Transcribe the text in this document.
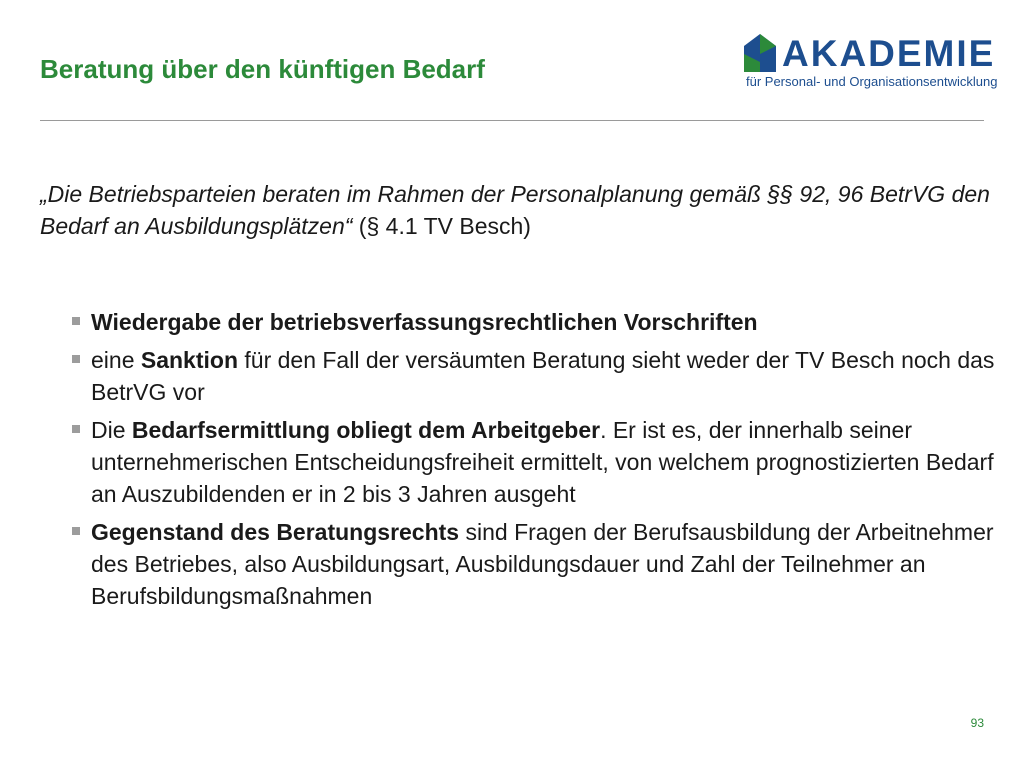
Beratung über den künftigen Bedarf	AKADEMIE
für Personal- und Organisationsentwicklung
„Die Betriebsparteien beraten im Rahmen der Personalplanung gemäß §§ 92, 96 BetrVG den Bedarf an Ausbildungsplätzen“ (§ 4.1 TV Besch)
Wiedergabe der betriebsverfassungsrechtlichen Vorschriften
eine Sanktion für den Fall der versäumten Beratung sieht weder der TV Besch noch das BetrVG vor
Die Bedarfsermittlung obliegt dem Arbeitgeber. Er ist es, der innerhalb seiner unternehmerischen Entscheidungsfreiheit ermittelt, von welchem prognostizierten Bedarf an Auszubildenden er in 2 bis 3 Jahren ausgeht
Gegenstand des Beratungsrechts sind Fragen der Berufsausbildung der Arbeitnehmer des Betriebes, also Ausbildungsart, Ausbildungsdauer und Zahl der Teilnehmer an Berufsbildungsmaßnahmen
93
